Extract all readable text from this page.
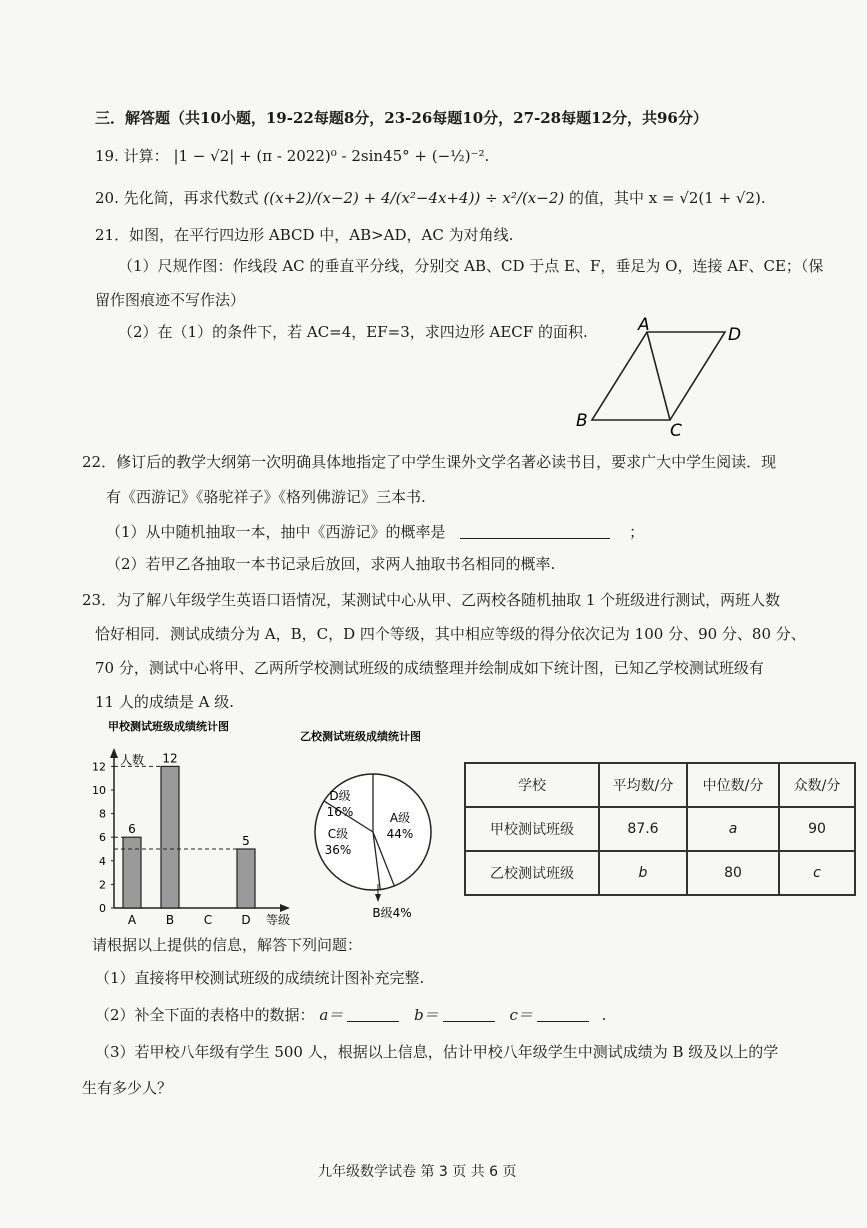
三．解答题（共10小题，19-22每题8分，23-26每题10分，27-28每题12分，共96分）
19. 计算： |1 − √2| + (π - 2022)⁰ - 2sin45° + (−½)⁻².
20. 先化简，再求代数式 ((x+2)/(x−2) + 4/(x²−4x+4)) ÷ x²/(x−2) 的值，其中 x = √2(1 + √2).
21．如图，在平行四边形 ABCD 中，AB>AD，AC 为对角线.
（1）尺规作图：作线段 AC 的垂直平分线，分别交 AB、CD 于点 E、F，垂足为 O，连接 AF、CE；（保
留作图痕迹不写作法）
（2）在（1）的条件下，若 AC=4，EF=3，求四边形 AECF 的面积.	A	D
B	C
22．修订后的教学大纲第一次明确具体地指定了中学生课外文学名著必读书目，要求广大中学生阅读．现
有《西游记》《骆驼祥子》《格列佛游记》三本书.
（1）从中随机抽取一本，抽中《西游记》的概率是	；
（2）若甲乙各抽取一本书记录后放回，求两人抽取书名相同的概率.
23．为了解八年级学生英语口语情况，某测试中心从甲、乙两校各随机抽取 1 个班级进行测试，两班人数
恰好相同．测试成绩分为 A，B，C，D 四个等级，其中相应等级的得分依次记为 100 分、90 分、80 分、
70 分，测试中心将甲、乙两所学校测试班级的成绩整理并绘制成如下统计图，已知乙学校测试班级有
11 人的成绩是 A 级.
甲校测试班级成绩统计图
人数
等级
0
2
4
6
8
10
12
A
6
B
12
C D
5
乙校测试班级成绩统计图
A级
44%
C级
36%
D级
16%
B级4%
学校	平均数/分	中位数/分	众数/分
甲校测试班级	87.6	a	90
乙校测试班级	b	80	c
请根据以上提供的信息，解答下列问题：
（1）直接将甲校测试班级的成绩统计图补充完整.
（2）补全下面的表格中的数据： a＝	b＝	c＝	.
（3）若甲校八年级有学生 500 人，根据以上信息，估计甲校八年级学生中测试成绩为 B 级及以上的学
生有多少人？
九年级数学试卷 第 3 页 共 6 页
